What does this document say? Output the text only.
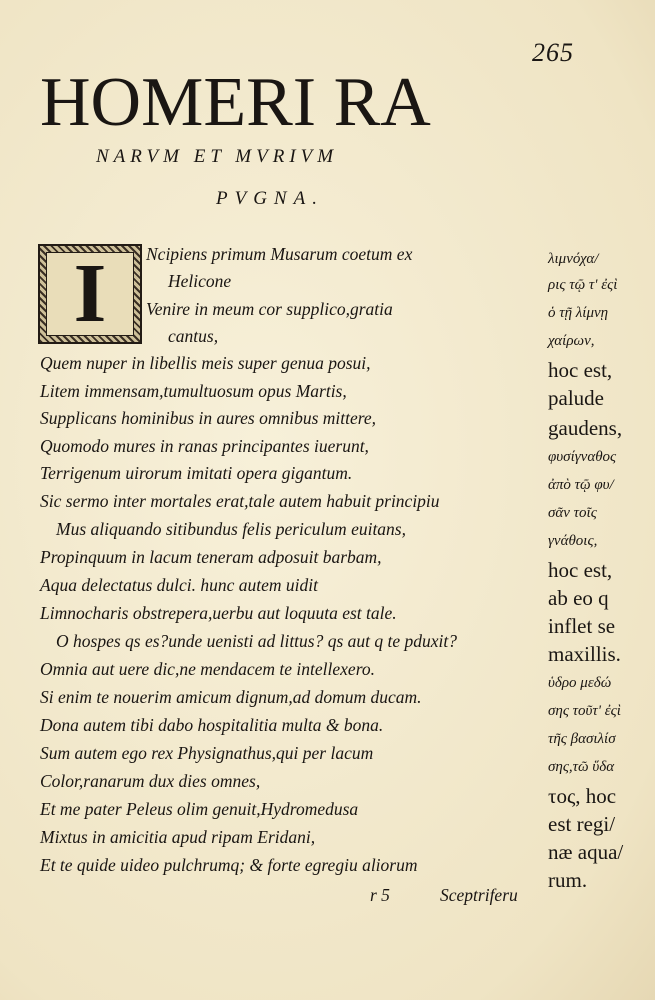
265
HOMERI RA
NARVM ET MVRIVM
PVGNA.
I Ncipiens primum Musarum coetum ex
Helicone
Venire in meum cor supplico,gratia
cantus,
Quem nuper in libellis meis super genua posui,
Litem immensam,tumultuosum opus Martis,
Supplicans hominibus in aures omnibus mittere,
Quomodo mures in ranas principantes iuerunt,
Terrigenum uirorum imitati opera gigantum.
Sic sermo inter mortales erat,tale autem habuit principiu
Mus aliquando sitibundus felis periculum euitans,
Propinquum in lacum teneram adposuit barbam,
Aqua delectatus dulci. hunc autem uidit
Limnocharis obstrepera,uerbu aut loquuta est tale.
O hospes qs es?unde uenisti ad littus? qs aut q te pduxit?
Omnia aut uere dic,ne mendacem te intellexero.
Si enim te nouerim amicum dignum,ad domum ducam.
Dona autem tibi dabo hospitalitia multa & bona.
Sum autem ego rex Physignathus,qui per lacum
Color,ranarum dux dies omnes,
Et me pater Peleus olim genuit,Hydromedusa
Mixtus in amicitia apud ripam Eridani,
Et te quide uideo pulchrumq; & forte egregiu aliorum
r 5	Sceptriferu
λιμνόχα/
ρις τῷ τ' ἐςὶ
ὁ τῇ λίμνῃ
χαίρων,
hoc est,
palude
gaudens,
φυσίγναθος
ἀπὸ τῷ φυ/
σᾶν τοῖς
γνάθοις,
hoc est,
ab eo q
inflet se
maxillis.
ὑδρο μεδώ
σης τοῦτ' ἐςὶ
τῆς βασιλίσ
σης,τῶ ὕδα
τος, hoc
est regi/
næ aqua/
rum.
